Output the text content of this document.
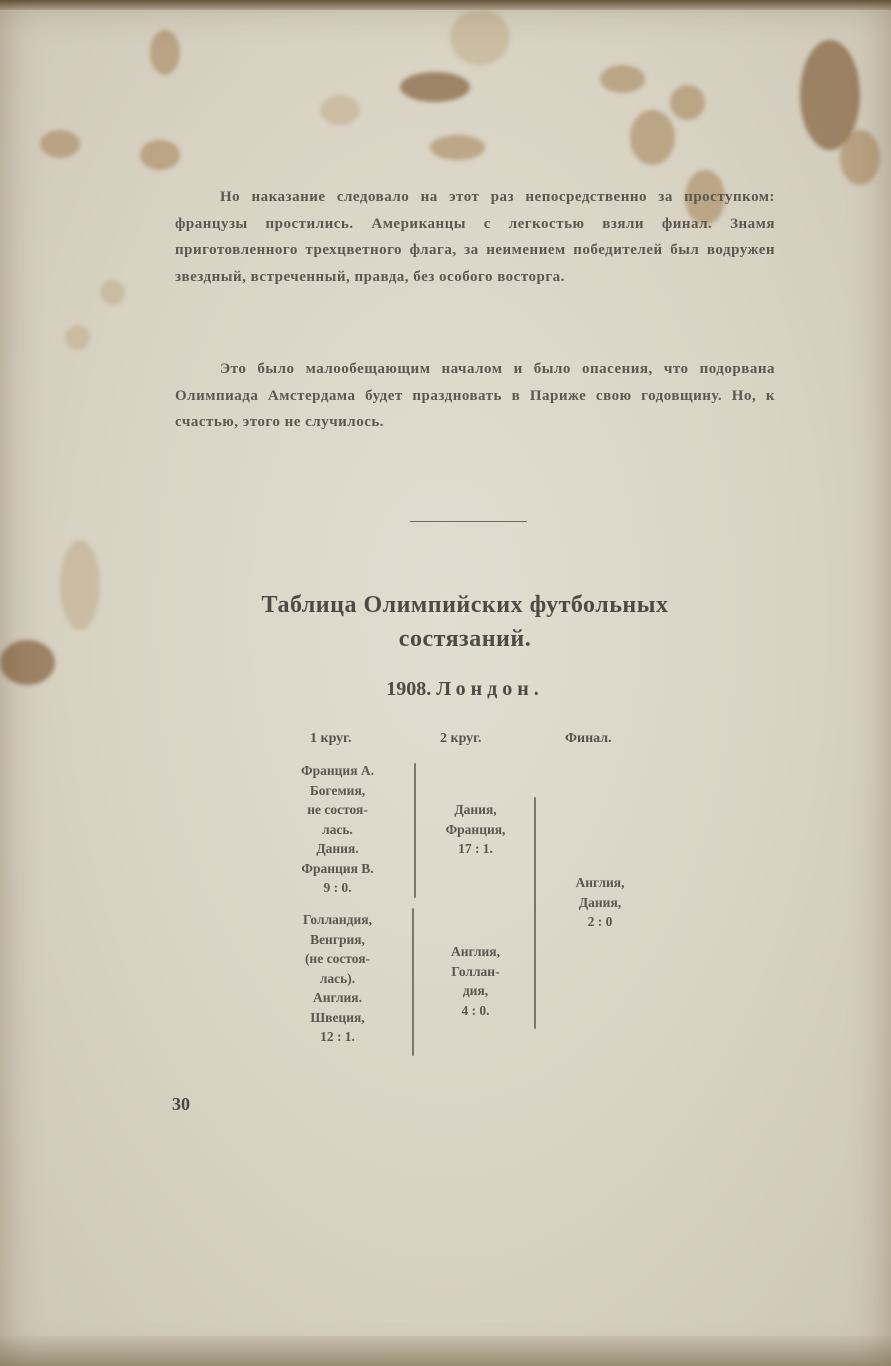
Но наказание следовало на этот раз непосредственно за проступком: французы простились. Американцы с легкостью взяли финал. Знамя приготовленного трехцветного флага, за неимением победителей был водружен звездный, встреченный, правда, без особого восторга.

Это было малообещающим началом и было опасения, что подорвана Олимпиада Амстердама будет праздновать в Париже свою годовщину. Но, к счастью, этого не случилось.

Таблица Олимпийских футбольных
состязаний.
1908. Лондон.
1 круг.	2 круг.	Финал.
Франция А.
Богемия,
не состоя-
лась.
Дания.
Франция В.
9 : 0.
Голландия,
Венгрия,
(не состоя-
лась).
Англия.
Швеция,
12 : 1.
Дания,
Франция,
17 : 1.
Англия,
Голлан-
дия,
4 : 0.
Англия,
Дания,
2 : 0
30
